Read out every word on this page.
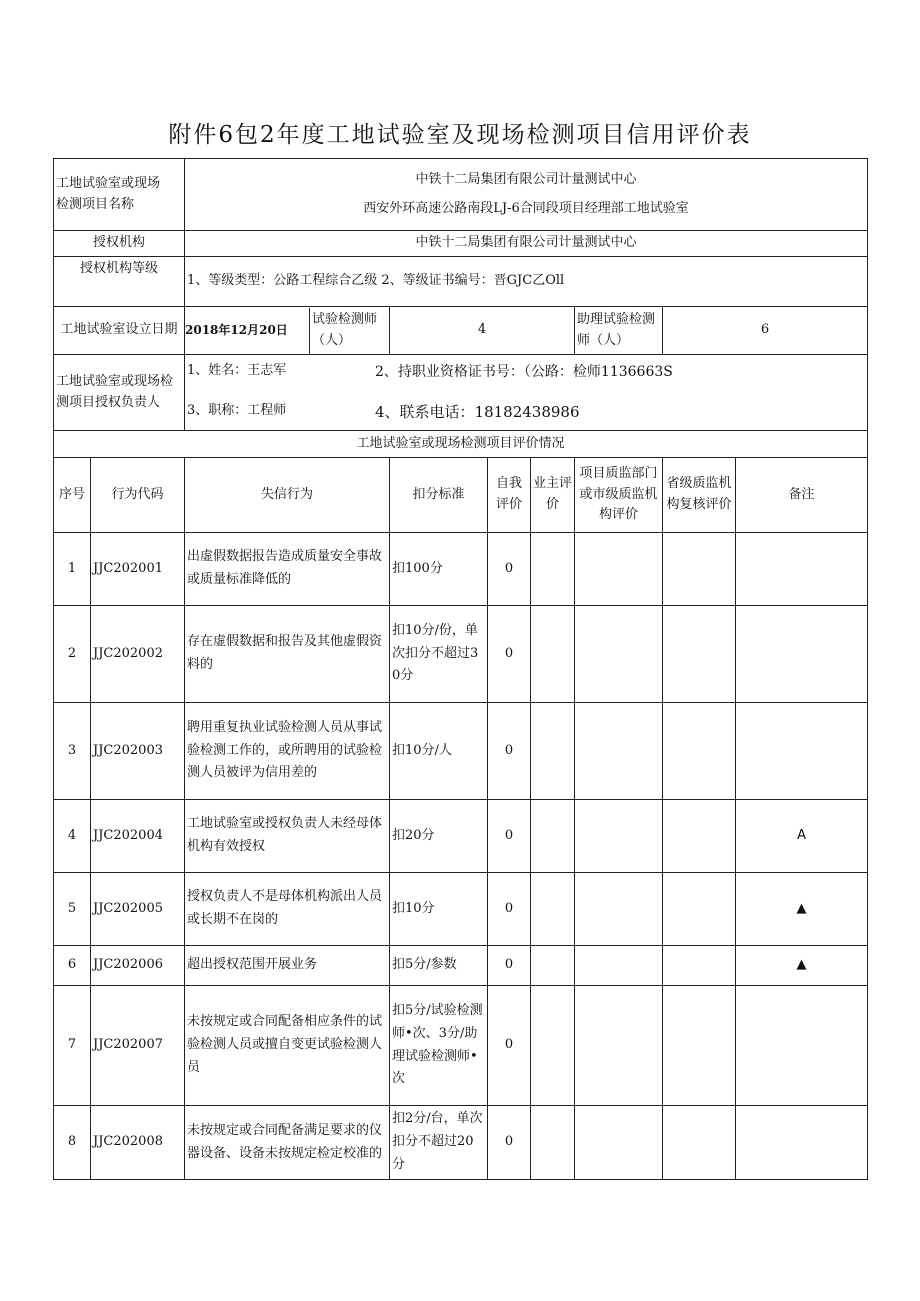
附件6包2年度工地试验室及现场检测项目信用评价表
工地试验室或现场检测项目名称		中铁十二局集团有限公司计量测试中心
西安外环高速公路南段LJ-6合同段项目经理部工地试验室						

授权机构		中铁十二局集团有限公司计量测试中心						
授权机构等级		1、等级类型：公路工程综合乙级 2、等级证书编号：晋GJC乙Oll						
工地试验室设立日期		2018年12月20日
试验检测师（人）	4			助理试验检测师（人）	6	
工地试验室或现场检测项目授权负责人		1、姓名：王志军 2、持职业资格证书号：（公路：检师1136663S
3、职称：工程师 4、联系电话：18182438986						

工地试验室或现场检测项目评价情况								
序号	行为代码	失信行为	扣分标准	自我评价	业主评价	项目质监部门或市级质监机构评价	省级质监机构复核评价	备注
1	JJC202001	出虚假数据报告造成质量安全事故或质量标准降低的	扣100分	0				
2	JJC202002	存在虚假数据和报告及其他虚假资料的	扣10分/份，单次扣分不超过30分	0				
3	JJC202003	聘用重复执业试验检测人员从事试验检测工作的，或所聘用的试验检测人员被评为信用差的	扣10分/人	0				
4	JJC202004	工地试验室或授权负责人未经母体机构有效授权	扣20分	0				A
5	JJC202005	授权负责人不是母体机构派出人员或长期不在岗的	扣10分	0				▲
6	JJC202006	超出授权范围开展业务	扣5分/参数	0				▲
7	JJC202007	未按规定或合同配备相应条件的试验检测人员或擅自变更试验检测人员	扣5分/试验检测师•次、3分/助理试验检测师•次	0				
8	JJC202008	未按规定或合同配备满足要求的仪器设备、设备未按规定检定校准的	扣2分/台，单次扣分不超过20分	0				
